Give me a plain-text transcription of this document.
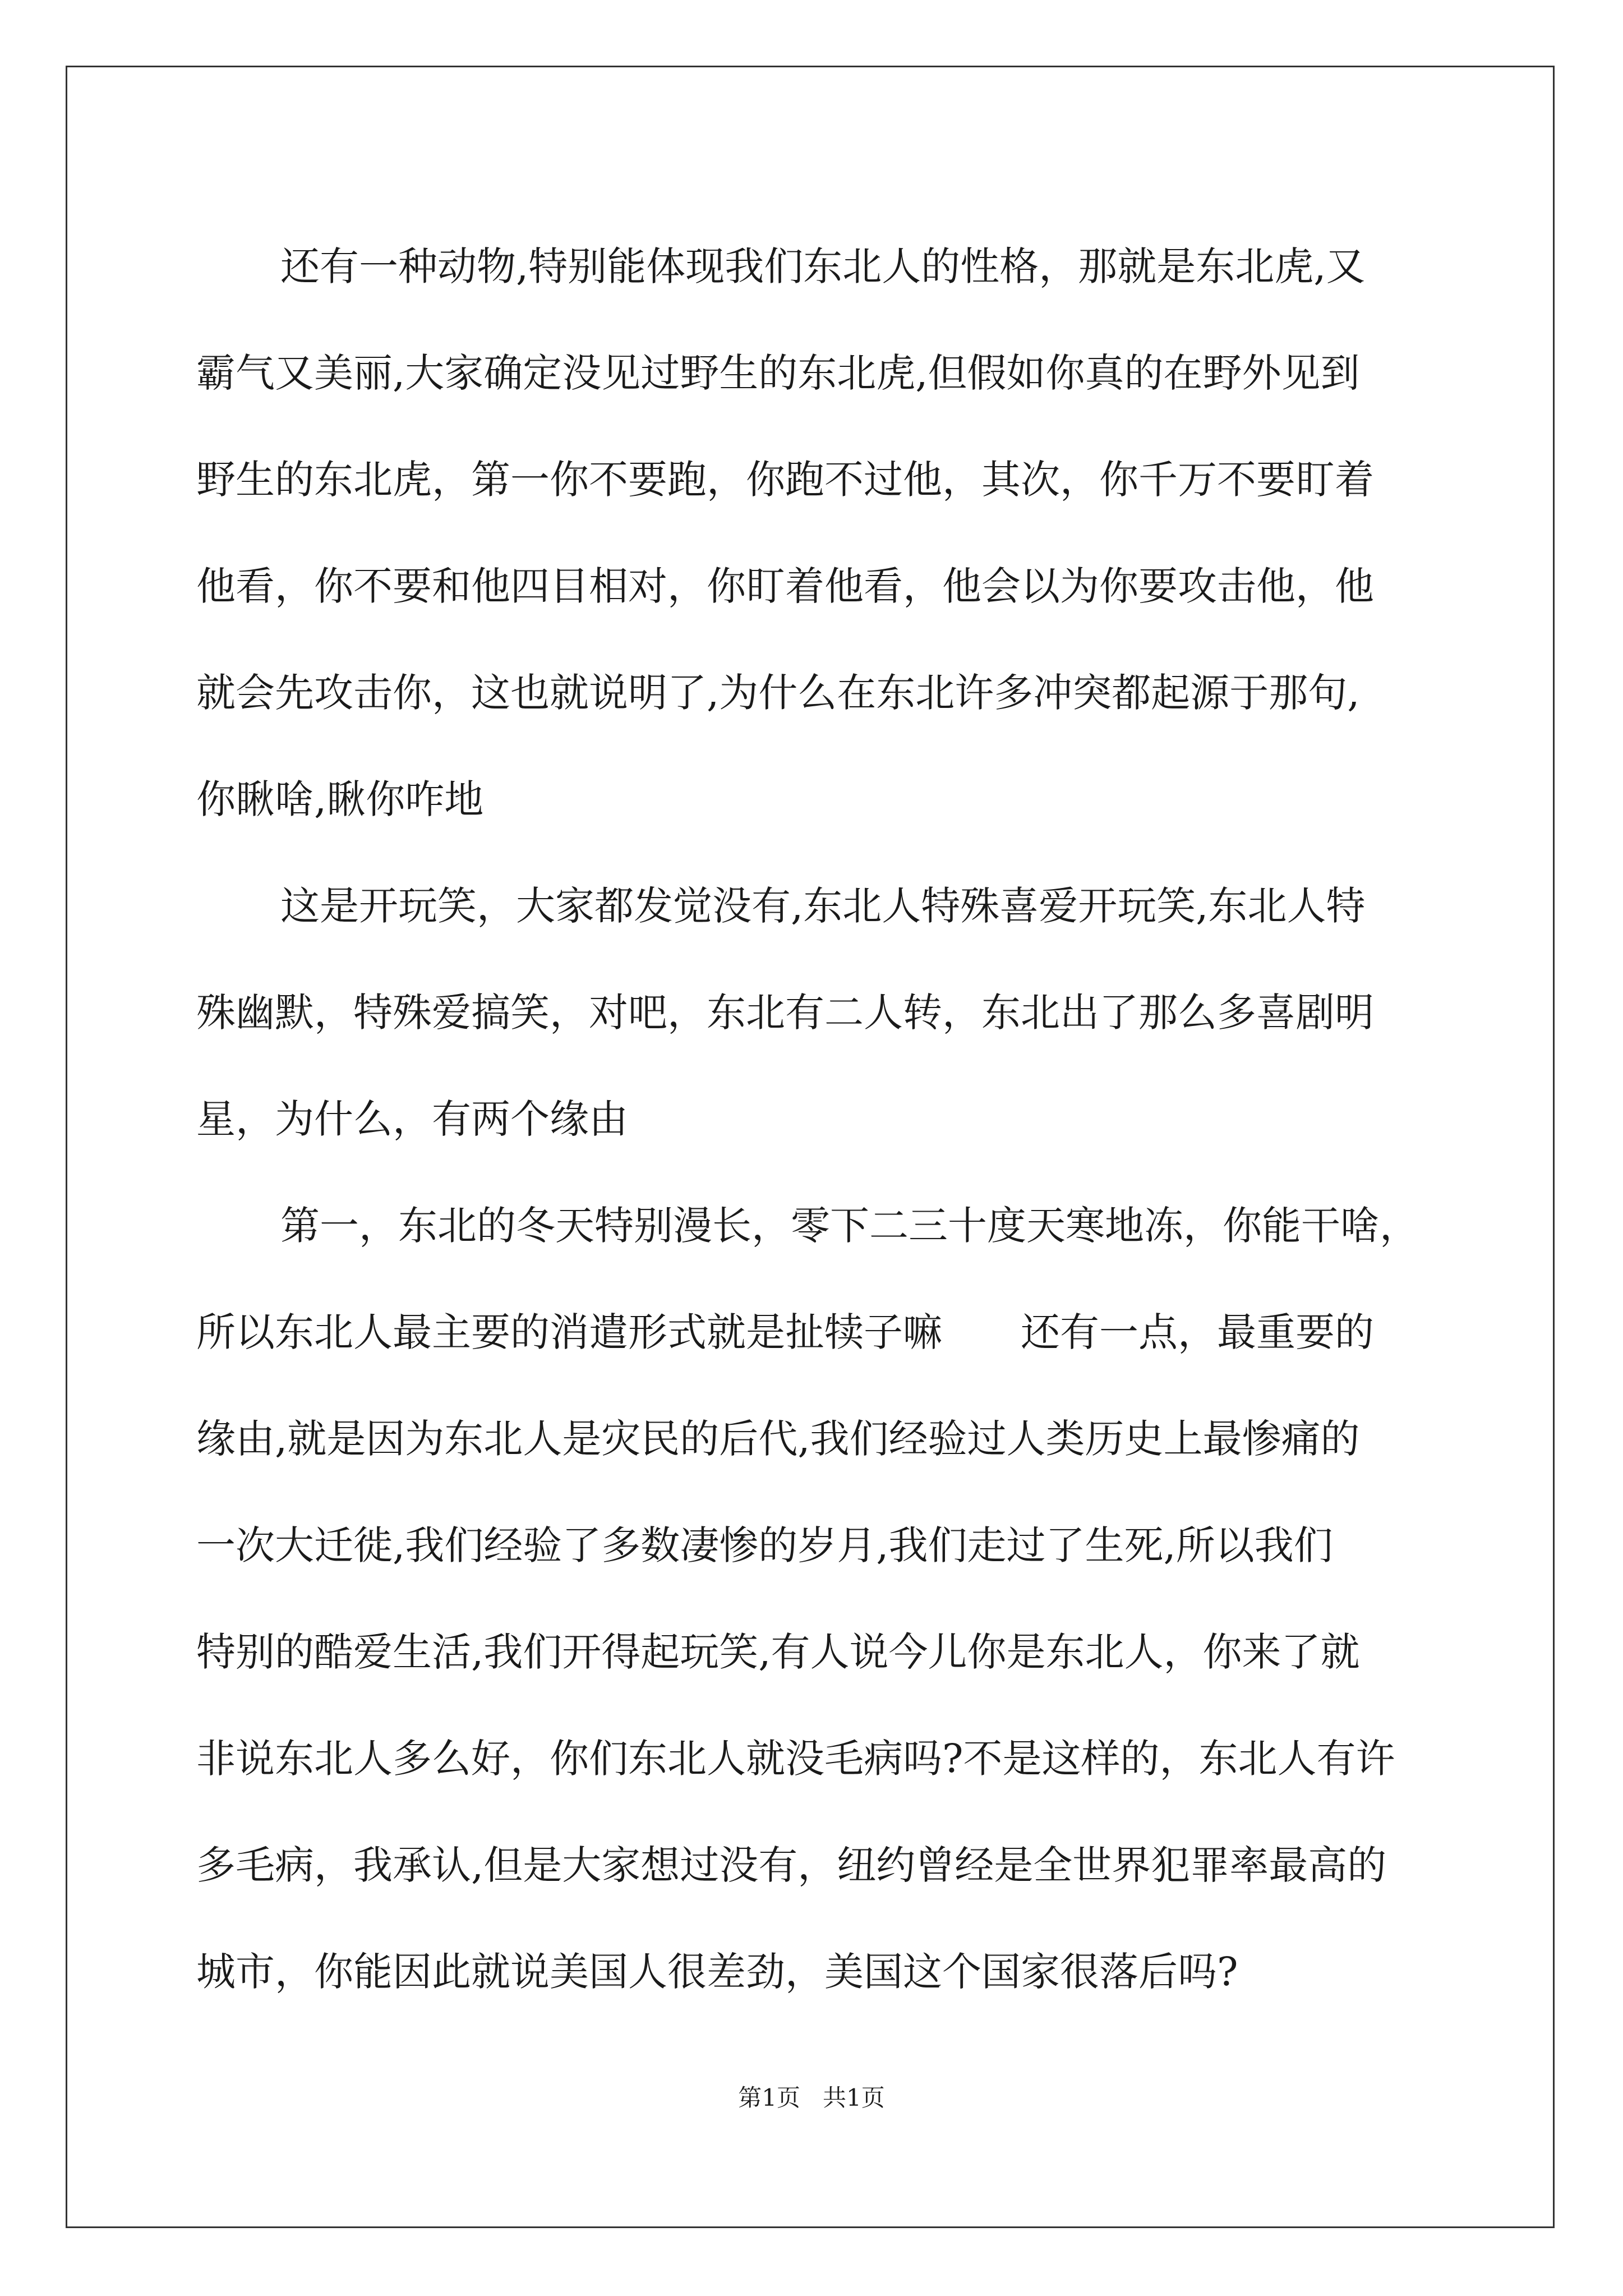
还有一种动物,特别能体现我们东北人的性格，那就是东北虎,又
霸气又美丽,大家确定没见过野生的东北虎,但假如你真的在野外见到
野生的东北虎，第一你不要跑，你跑不过他，其次，你千万不要盯着
他看，你不要和他四目相对，你盯着他看，他会以为你要攻击他，他
就会先攻击你，这也就说明了,为什么在东北许多冲突都起源于那句,
你瞅啥,瞅你咋地
这是开玩笑，大家都发觉没有,东北人特殊喜爱开玩笑,东北人特
殊幽默，特殊爱搞笑，对吧，东北有二人转，东北出了那么多喜剧明
星，为什么，有两个缘由
第一，东北的冬天特别漫长，零下二三十度天寒地冻，你能干啥，
所以东北人最主要的消遣形式就是扯犊子嘛　　还有一点，最重要的
缘由,就是因为东北人是灾民的后代,我们经验过人类历史上最惨痛的
一次大迁徙,我们经验了多数凄惨的岁月,我们走过了生死,所以我们
特别的酷爱生活,我们开得起玩笑,有人说今儿你是东北人，你来了就
非说东北人多么好，你们东北人就没毛病吗?不是这样的，东北人有许
多毛病，我承认,但是大家想过没有，纽约曾经是全世界犯罪率最高的
城市，你能因此就说美国人很差劲，美国这个国家很落后吗?
第1页 共1页
